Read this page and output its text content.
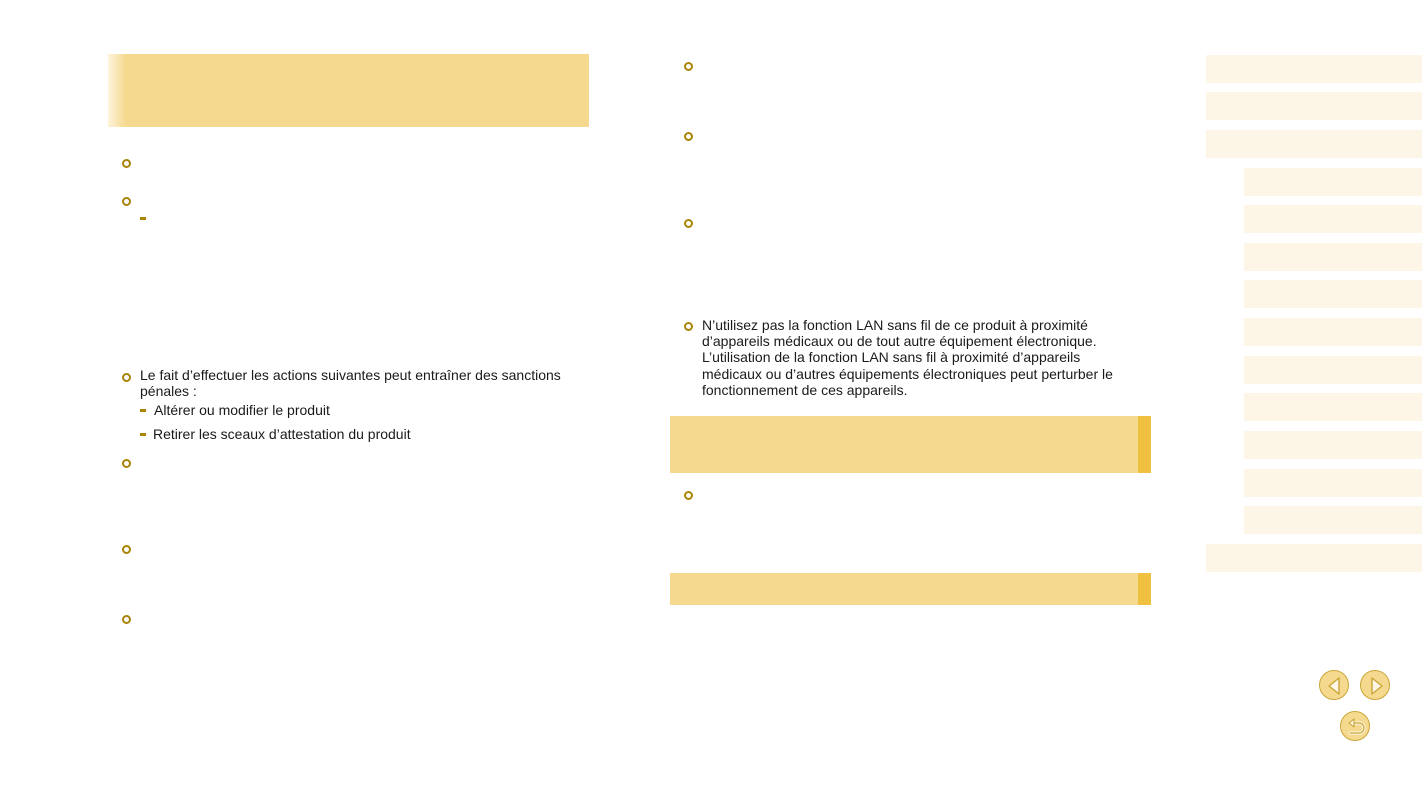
Le fait d’effectuer les actions suivantes peut entraîner des sanctions
pénales :
Altérer ou modifier le produit
Retirer les sceaux d’attestation du produit
N’utilisez pas la fonction LAN sans fil de ce produit à proximité
d’appareils médicaux ou de tout autre équipement électronique.
L’utilisation de la fonction LAN sans fil à proximité d’appareils
médicaux ou d’autres équipements électroniques peut perturber le
fonctionnement de ces appareils.
